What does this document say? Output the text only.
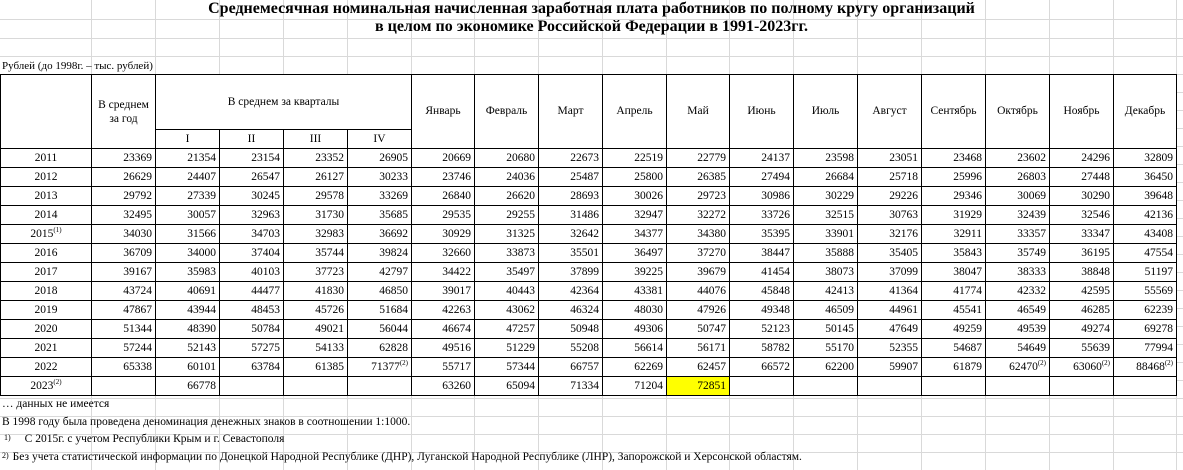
Среднемесячная номинальная начисленная заработная плата работников по полному кругу организаций
в целом по экономике Российской Федерации в 1991-2023гг.
Рублей (до 1998г. – тыс. рублей)
	В среднем за год	В среднем за кварталы				Январь	Февраль	Март	Апрель	Май	Июнь	Июль	Август	Сентябрь	Октябрь	Ноябрь	Декабрь
		I	II	III	IV												
2011	23369	21354	23154	23352	26905	20669	20680	22673	22519	22779	24137	23598	23051	23468	23602	24296	32809
2012	26629	24407	26547	26127	30233	23746	24036	25487	25800	26385	27494	26684	25718	25996	26803	27448	36450
2013	29792	27339	30245	29578	33269	26840	26620	28693	30026	29723	30986	30229	29226	29346	30069	30290	39648
2014	32495	30057	32963	31730	35685	29535	29255	31486	32947	32272	33726	32515	30763	31929	32439	32546	42136
2015$^{(1)}$	34030	31566	34703	32983	36692	30929	31325	32642	34377	34380	35395	33901	32176	32911	33357	33347	43408
2016	36709	34000	37404	35744	39824	32660	33873	35501	36497	37270	38447	35888	35405	35843	35749	36195	47554
2017	39167	35983	40103	37723	42797	34422	35497	37899	39225	39679	41454	38073	37099	38047	38333	38848	51197
2018	43724	40691	44477	41830	46850	39017	40443	42364	43381	44076	45848	42413	41364	41774	42332	42595	55569
2019	47867	43944	48453	45726	51684	42263	43062	46324	48030	47926	49348	46509	44961	45541	46549	46285	62239
2020	51344	48390	50784	49021	56044	46674	47257	50948	49306	50747	52123	50145	47649	49259	49539	49274	69278
2021	57244	52143	57275	54133	62828	49516	51229	55208	56614	56171	58782	55170	52355	54687	54649	55639	77994
2022	65338	60101	63784	61385	71377$^{(2)}$	55717	57344	66757	62269	62457	66572	62200	59907	61879	62470$^{(2)}$	63060$^{(2)}$	88468$^{(2)}$
2023$^{(2)}$		66778				63260	65094	71334	71204	72851							
… данных не имеется
В 1998 году была проведена деноминация денежных знаков в соотношении 1:1000.
$^{1)}$ С 2015г. с учетом Республики Крым и г. Севастополя
$^{2)}$ Без учета статистической информации по Донецкой Народной Республике (ДНР), Луганской Народной Республике (ЛНР), Запорожской и Херсонской областям.
